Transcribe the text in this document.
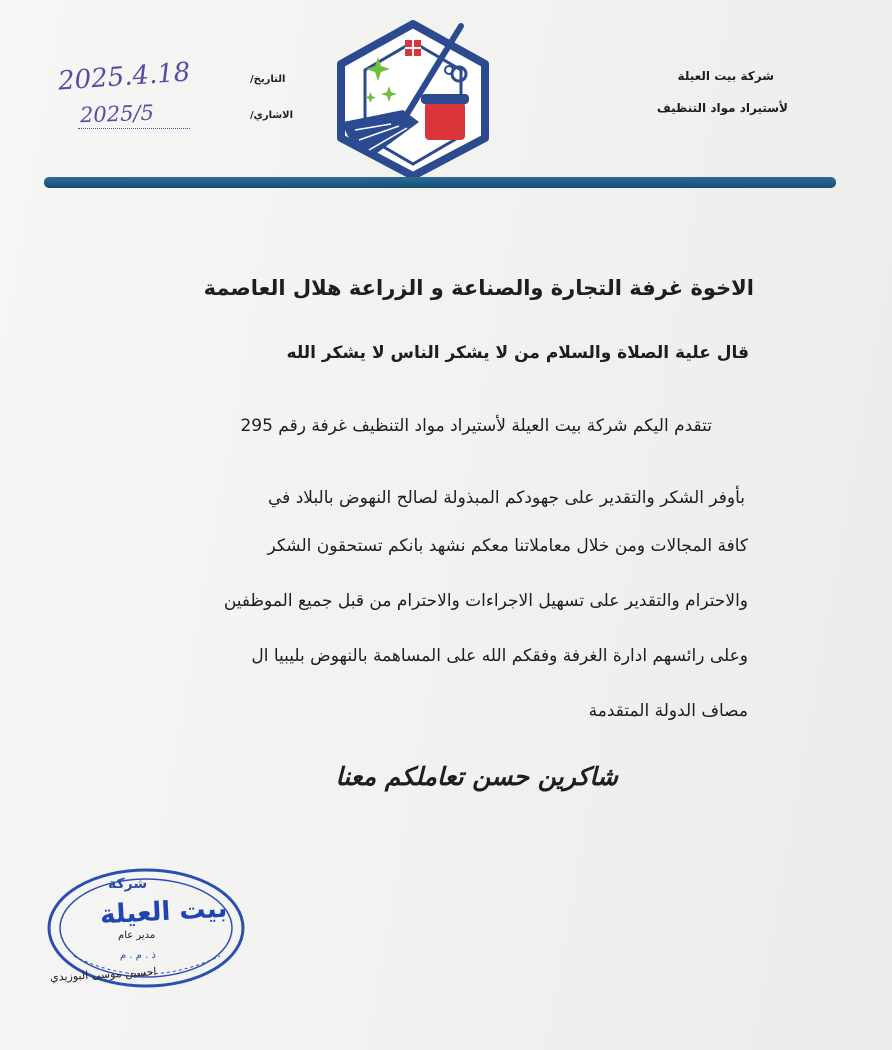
شركة بيت العيلة
لأستيراد مواد التنظيف
التاريخ/
2025.4.18
الاشاري/
2025/5
الاخوة غرفة التجارة والصناعة و الزراعة هلال العاصمة
قال علية الصلاة والسلام من لا يشكر الناس لا يشكر الله
تتقدم اليكم شركة بيت العيلة لأستيراد مواد التنظيف غرفة رقم 295
بأوفر الشكر والتقدير على جهودكم المبذولة لصالح النهوض بالبلاد في
كافة المجالات ومن خلال معاملاتنا معكم نشهد بانكم تستحقون الشكر
والاحترام والتقدير على تسهيل الاجراءات والاحترام من قبل جميع الموظفين
وعلى رائسهم ادارة الغرفة وفقكم الله على المساهمة بالنهوض بليبيا ال
مصاف الدولة المتقدمة
شاكرين حسن تعاملكم معنا
شركة
بيت العيلة
مدير عام
ذ . م . م
احسين موسى البوزيدي
